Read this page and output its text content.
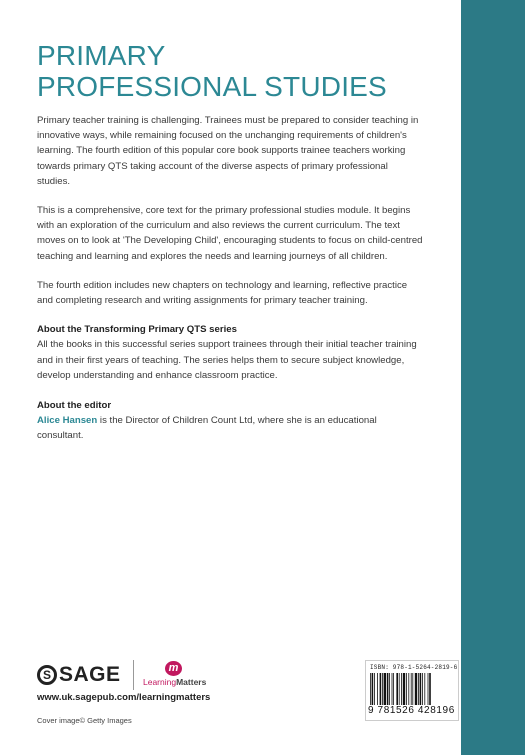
PRIMARY
PROFESSIONAL STUDIES

Primary teacher training is challenging. Trainees must be prepared to consider teaching in innovative ways, while remaining focused on the unchanging requirements of children's learning. The fourth edition of this popular core book supports trainee teachers working towards primary QTS taking account of the diverse aspects of primary professional studies.

This is a comprehensive, core text for the primary professional studies module. It begins with an exploration of the curriculum and also reviews the current curriculum. The text moves on to look at 'The Developing Child', encouraging students to focus on child-centred teaching and learning and explores the needs and learning journeys of all children.

The fourth edition includes new chapters on technology and learning, reflective practice and completing research and writing assignments for primary teacher training.

About the Transforming Primary QTS series
All the books in this successful series support trainees through their initial teacher training and in their first years of teaching. The series helps them to secure subject knowledge, develop understanding and enhance classroom practice.
About the editor
Alice Hansen is the Director of Children Count Ltd, where she is an educational consultant.
S SAGE	m
LearningMatters
www.uk.sagepub.com/learningmatters
Cover image© Getty Images
ISBN: 978-1-5264-2819-6
9 781526 428196
